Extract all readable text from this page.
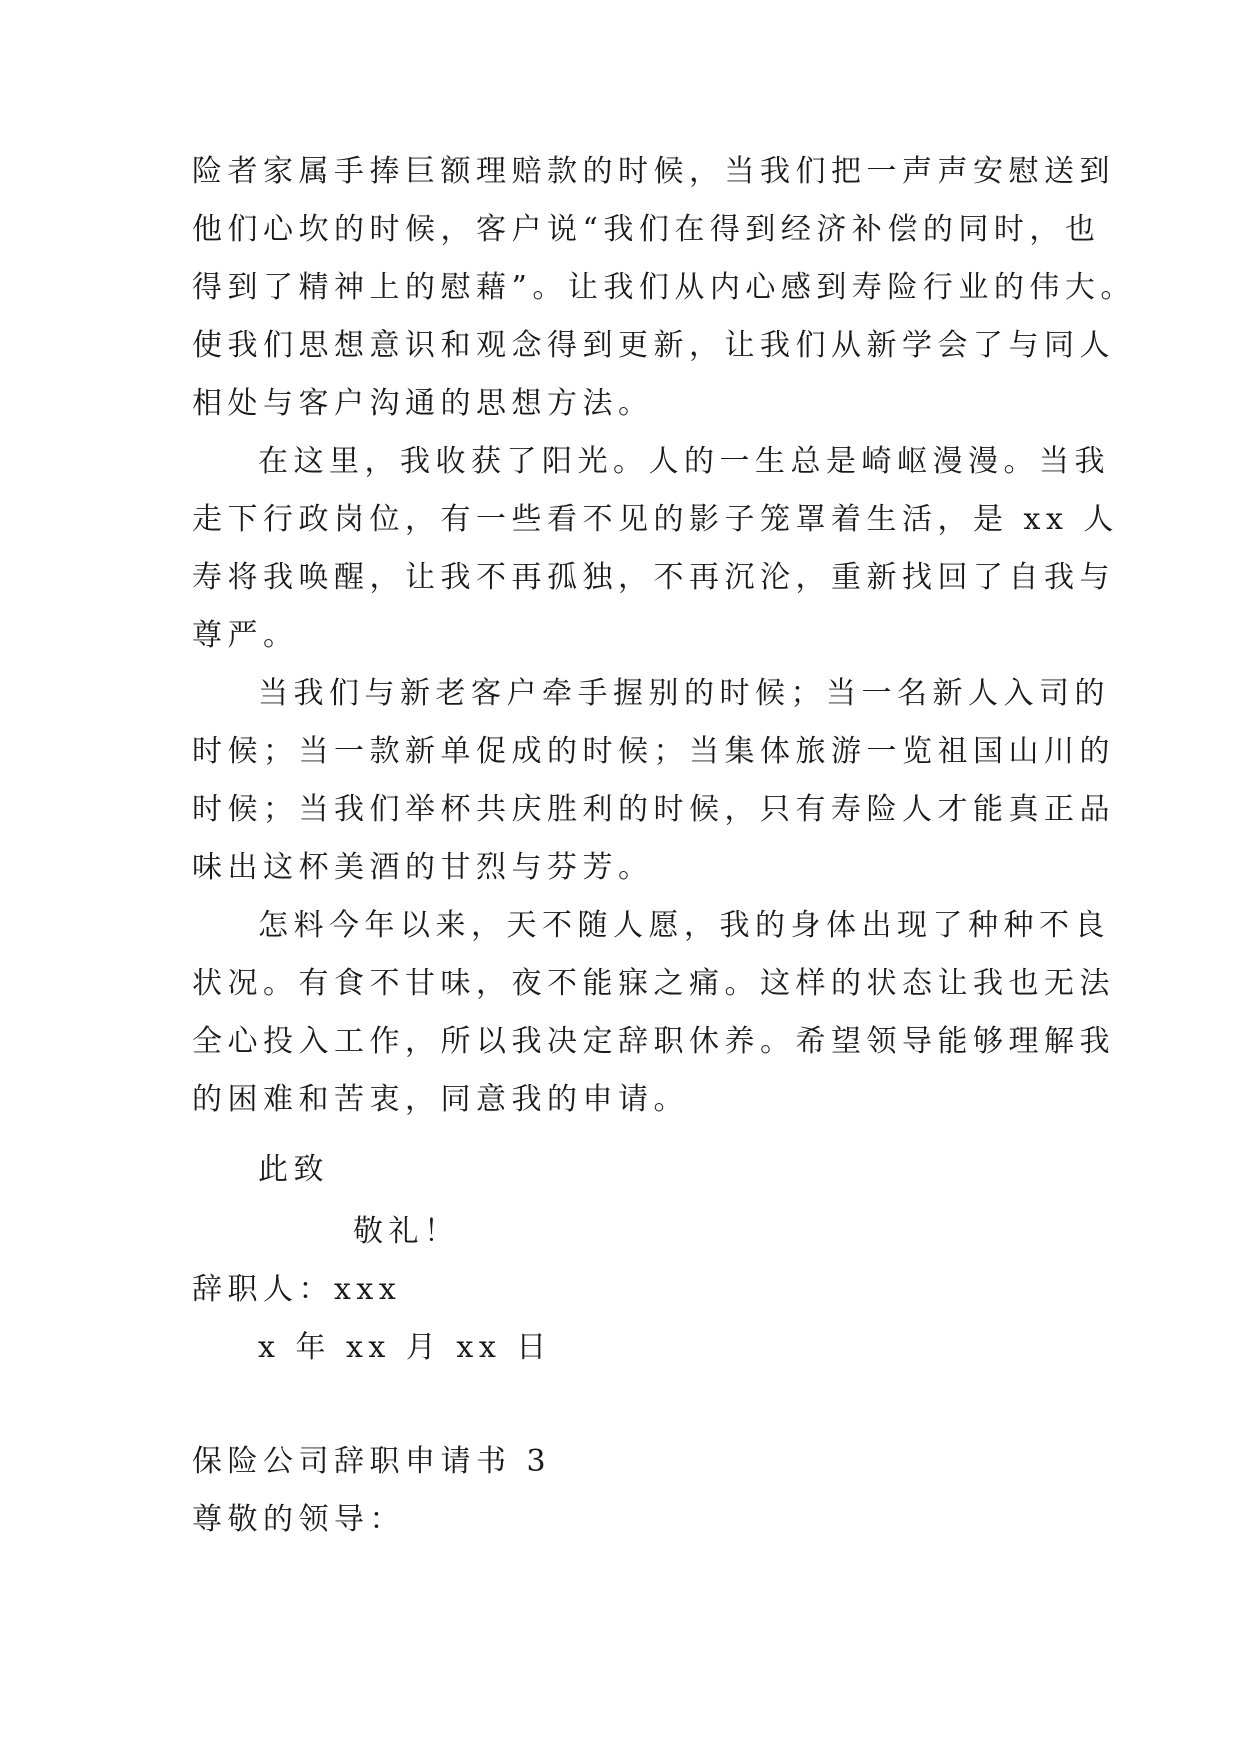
险者家属手捧巨额理赔款的时候，当我们把一声声安慰送到
他们心坎的时候，客户说“我们在得到经济补偿的同时，也
得到了精神上的慰藉”。让我们从内心感到寿险行业的伟大。
使我们思想意识和观念得到更新，让我们从新学会了与同人
相处与客户沟通的思想方法。
在这里，我收获了阳光。人的一生总是崎岖漫漫。当我
走下行政岗位，有一些看不见的影子笼罩着生活，是 xx 人
寿将我唤醒，让我不再孤独，不再沉沦，重新找回了自我与
尊严。
当我们与新老客户牵手握别的时候；当一名新人入司的
时候；当一款新单促成的时候；当集体旅游一览祖国山川的
时候；当我们举杯共庆胜利的时候，只有寿险人才能真正品
味出这杯美酒的甘烈与芬芳。
怎料今年以来，天不随人愿，我的身体出现了种种不良
状况。有食不甘味，夜不能寐之痛。这样的状态让我也无法
全心投入工作，所以我决定辞职休养。希望领导能够理解我
的困难和苦衷，同意我的申请。
此致
敬礼！
辞职人：xxx
x 年 xx 月 xx 日
保险公司辞职申请书 3
尊敬的领导：
